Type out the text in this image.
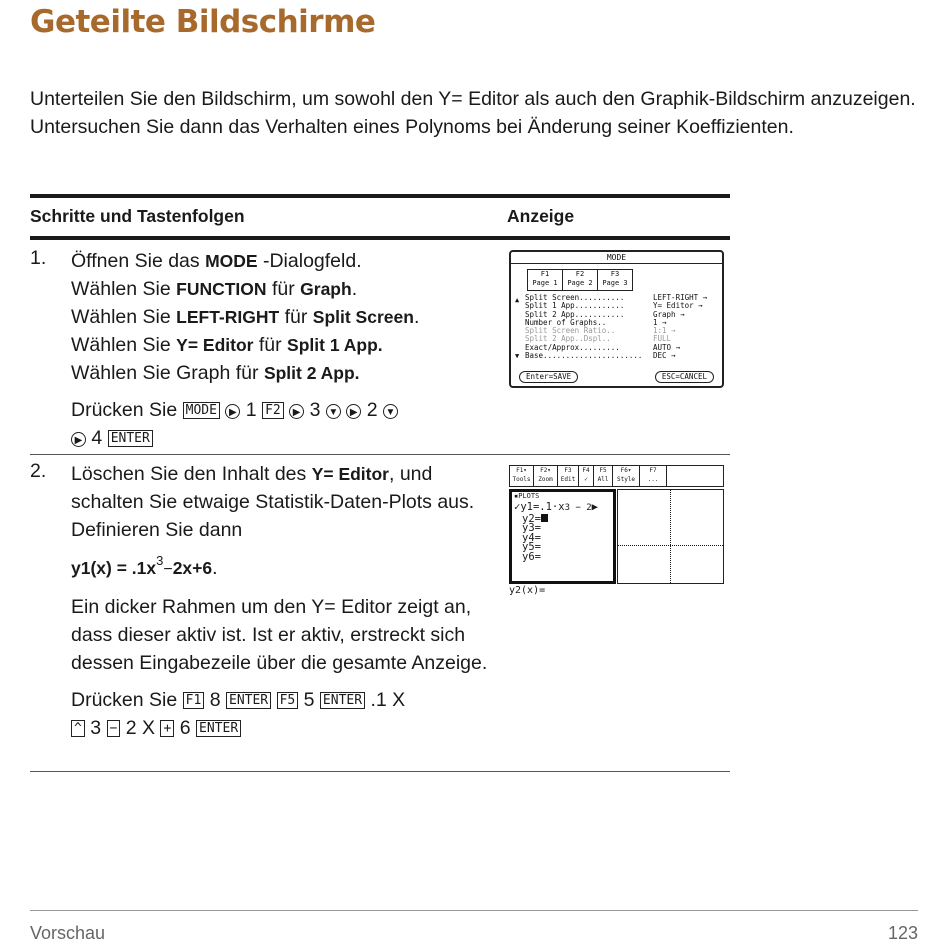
Geteilte Bildschirme

Unterteilen Sie den Bildschirm, um sowohl den Y= Editor als auch den Graphik-Bildschirm anzuzeigen. Untersuchen Sie dann das Verhalten eines Polynoms bei Änderung seiner Koeffizienten.

Schritte und Tastenfolgen	Anzeige
1. Öffnen Sie das MODE -Dialogfeld.

Wählen Sie FUNCTION für Graph.

Wählen Sie LEFT-RIGHT für Split Screen.

Wählen Sie Y= Editor für Split 1 App.

Wählen Sie Graph für Split 2 App.

Drücken Sie MODE ▶ 1 F2 ▶ 3 ▼ ▶ 2 ▼
▶ 4 ENTER

MODE
F1
Page 1
F2
Page 2
F3
Page 3
▲
▼
Split Screen..........	LEFT-RIGHT →
Split 1 App...........	Y= Editor →
Split 2 App...........	Graph →
Number of Graphs..	1 →
Split Screen Ratio..	1:1 →
Split 2 App..Dspl..	FULL
Exact/Approx.........	AUTO →
Base...................... DEC →
Enter=SAVE	ESC=CANCEL
2. Löschen Sie den Inhalt des Y= Editor, und schalten Sie etwaige Statistik-Daten-Plots aus. Definieren Sie dann

$y1(x) = .1x^3-2x+6$.

Ein dicker Rahmen um den Y= Editor zeigt an, dass dieser aktiv ist. Ist er aktiv, erstreckt sich dessen Eingabezeile über die gesamte Anzeige.

Drücken Sie F1 8 ENTER F5 5 ENTER .1 X
^ 3 − 2 X + 6 ENTER

F1▾
Tools
F2▾
Zoom
F3
Edit
F4
✓
F5
All
F6▾
Style
F7
...
▪PLOTS
✓y1=.1·x3 − 2▶
y2=
y3=
y4=
y5=
y6=
y2(x)=
Vorschau	123
